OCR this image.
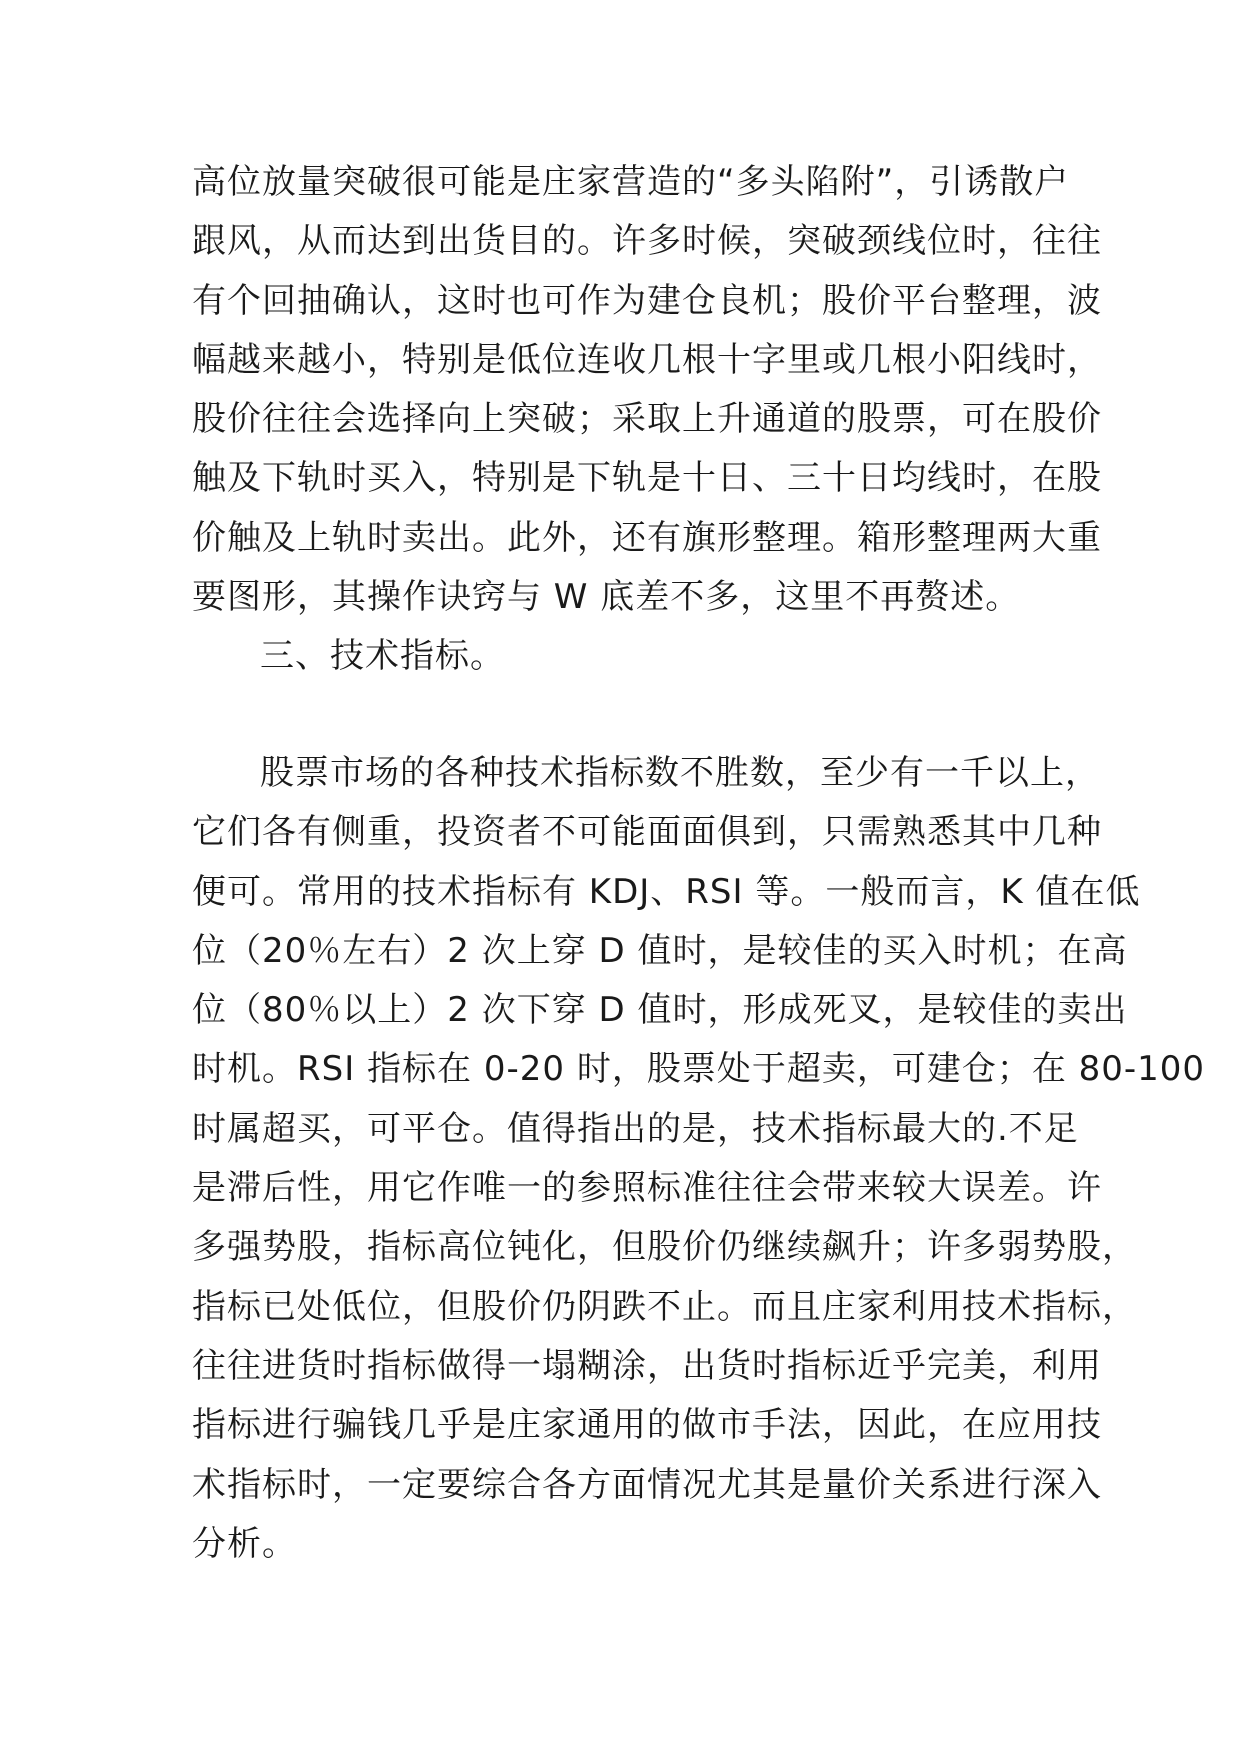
高位放量突破很可能是庄家营造的“多头陷附”，引诱散户
跟风，从而达到出货目的。许多时候，突破颈线位时，往往
有个回抽确认，这时也可作为建仓良机；股价平台整理，波
幅越来越小，特别是低位连收几根十字里或几根小阳线时，
股价往往会选择向上突破；采取上升通道的股票，可在股价
触及下轨时买入，特别是下轨是十日、三十日均线时，在股
价触及上轨时卖出。此外，还有旗形整理。箱形整理两大重
要图形，其操作诀窍与 W 底差不多，这里不再赘述。
三、技术指标。
股票市场的各种技术指标数不胜数，至少有一千以上，
它们各有侧重，投资者不可能面面俱到，只需熟悉其中几种
便可。常用的技术指标有 KDJ、RSI 等。一般而言，K 值在低
位（20％左右）2 次上穿 D 值时，是较佳的买入时机；在高
位（80％以上）2 次下穿 D 值时，形成死叉，是较佳的卖出
时机。RSI 指标在 0-20 时，股票处于超卖，可建仓；在 80-100
时属超买，可平仓。值得指出的是，技术指标最大的.不足
是滞后性，用它作唯一的参照标准往往会带来较大误差。许
多强势股，指标高位钝化，但股价仍继续飙升；许多弱势股，
指标已处低位，但股价仍阴跌不止。而且庄家利用技术指标，
往往进货时指标做得一塌糊涂，出货时指标近乎完美，利用
指标进行骗钱几乎是庄家通用的做市手法，因此，在应用技
术指标时，一定要综合各方面情况尤其是量价关系进行深入
分析。
